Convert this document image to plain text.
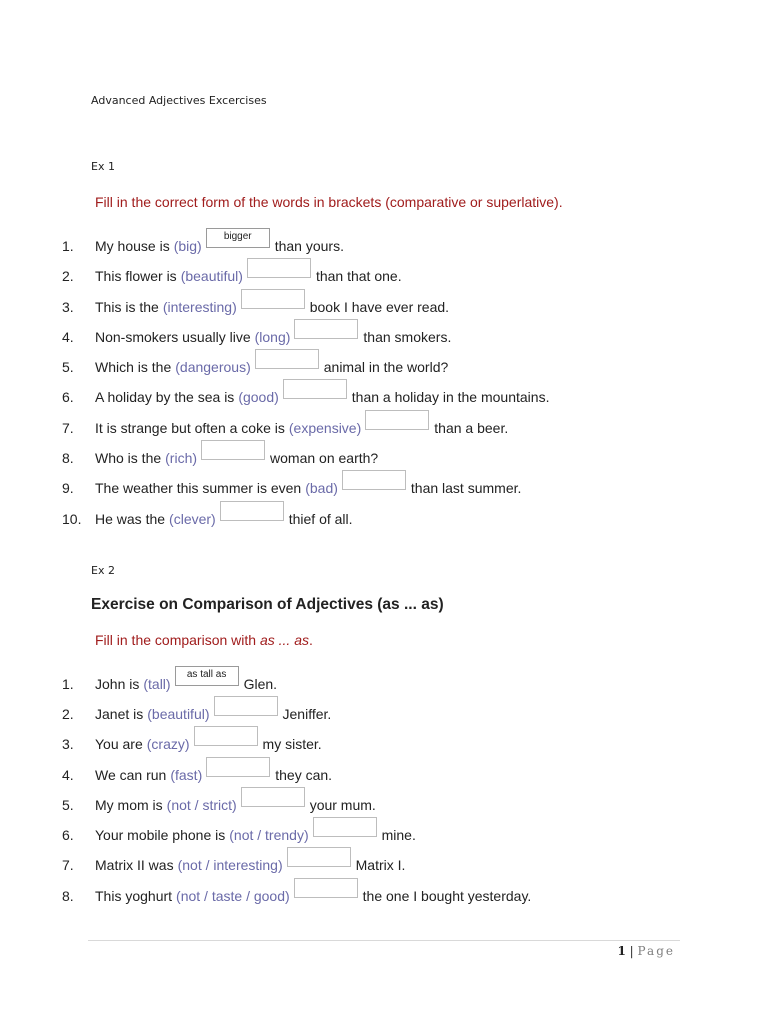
Advanced Adjectives Excercises
Ex 1
Fill in the correct form of the words in brackets (comparative or superlative).
1.	My house is (big)
bigger
than yours.
2.	This flower is (beautiful)	than that one.
3.	This is the (interesting)	book I have ever read.
4.	Non-smokers usually live (long)	than smokers.
5.	Which is the (dangerous)	animal in the world?
6.	A holiday by the sea is (good)	than a holiday in the mountains.
7.	It is strange but often a coke is (expensive)	than a beer.
8.	Who is the (rich)	woman on earth?
9.	The weather this summer is even (bad)	than last summer.
10. He was the (clever)	thief of all.
Ex 2
Exercise on Comparison of Adjectives (as ... as)
Fill in the comparison with as ... as.
1.	John is (tall)
as tall as
Glen.
2.	Janet is (beautiful)	Jeniffer.
3.	You are (crazy)	my sister.
4.	We can run (fast)	they can.
5.	My mom is (not / strict)	your mum.
6.	Your mobile phone is (not / trendy)	mine.
7.	Matrix II was (not / interesting)	Matrix I.
8.	This yoghurt (not / taste / good)	the one I bought yesterday.
1 | Page
